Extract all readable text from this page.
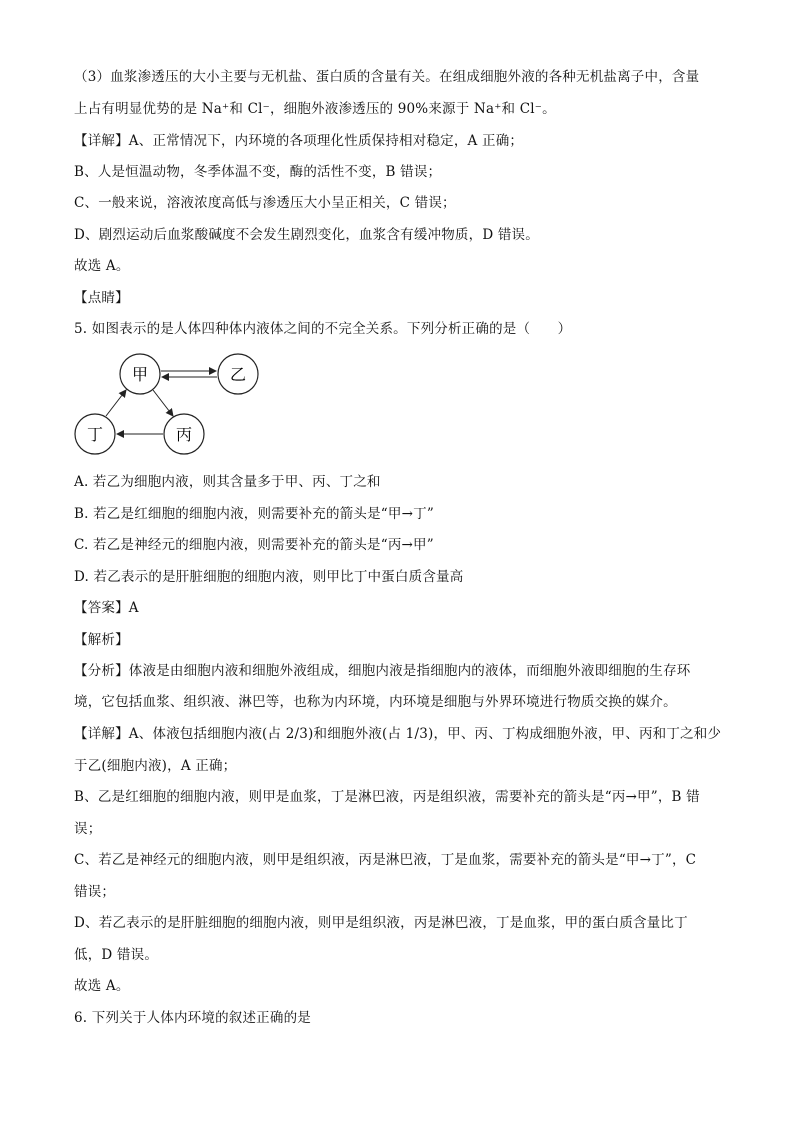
（3）血浆渗透压的大小主要与无机盐、蛋白质的含量有关。在组成细胞外液的各种无机盐离子中，含量
上占有明显优势的是 Na⁺和 Cl⁻，细胞外液渗透压的 90%来源于 Na⁺和 Cl⁻。
【详解】A、正常情况下，内环境的各项理化性质保持相对稳定，A 正确；
B、人是恒温动物，冬季体温不变，酶的活性不变，B 错误；
C、一般来说，溶液浓度高低与渗透压大小呈正相关，C 错误；
D、剧烈运动后血浆酸碱度不会发生剧烈变化，血浆含有缓冲物质，D 错误。
故选 A。
【点睛】
5. 如图表示的是人体四种体内液体之间的不完全关系。下列分析正确的是（　　）
甲	乙
丙
丁
A. 若乙为细胞内液，则其含量多于甲、丙、丁之和
B. 若乙是红细胞的细胞内液，则需要补充的箭头是“甲→丁”
C. 若乙是神经元的细胞内液，则需要补充的箭头是“丙→甲”
D. 若乙表示的是肝脏细胞的细胞内液，则甲比丁中蛋白质含量高
【答案】A
【解析】
【分析】体液是由细胞内液和细胞外液组成，细胞内液是指细胞内的液体，而细胞外液即细胞的生存环
境，它包括血浆、组织液、淋巴等，也称为内环境，内环境是细胞与外界环境进行物质交换的媒介。
【详解】A、体液包括细胞内液(占 2/3)和细胞外液(占 1/3)，甲、丙、丁构成细胞外液，甲、丙和丁之和少
于乙(细胞内液)，A 正确；
B、乙是红细胞的细胞内液，则甲是血浆，丁是淋巴液，丙是组织液，需要补充的箭头是“丙→甲”，B 错
误；
C、若乙是神经元的细胞内液，则甲是组织液，丙是淋巴液，丁是血浆，需要补充的箭头是“甲→丁”，C
错误；
D、若乙表示的是肝脏细胞的细胞内液，则甲是组织液，丙是淋巴液，丁是血浆，甲的蛋白质含量比丁
低，D 错误。
故选 A。
6. 下列关于人体内环境的叙述正确的是
